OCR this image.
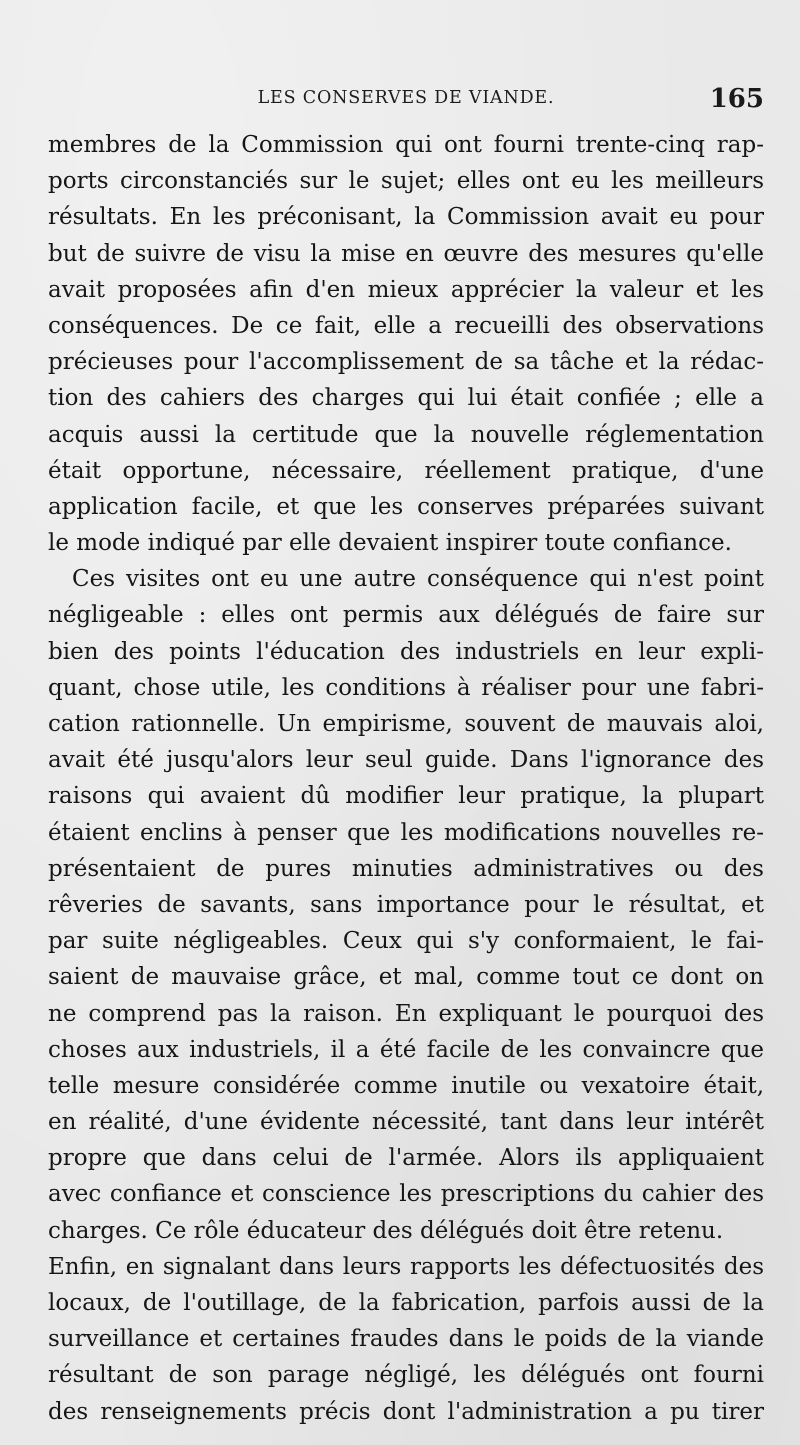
LES CONSERVES DE VIANDE.	165
membres de la Commission qui ont fourni trente-cinq rap-
ports circonstanciés sur le sujet; elles ont eu les meilleurs
résultats. En les préconisant, la Commission avait eu pour
but de suivre de visu la mise en œuvre des mesures qu'elle
avait proposées afin d'en mieux apprécier la valeur et les
conséquences. De ce fait, elle a recueilli des observations
précieuses pour l'accomplissement de sa tâche et la rédac-
tion des cahiers des charges qui lui était confiée ; elle a
acquis aussi la certitude que la nouvelle réglementation
était opportune, nécessaire, réellement pratique, d'une
application facile, et que les conserves préparées suivant
le mode indiqué par elle devaient inspirer toute confiance.
Ces visites ont eu une autre conséquence qui n'est point
négligeable : elles ont permis aux délégués de faire sur
bien des points l'éducation des industriels en leur expli-
quant, chose utile, les conditions à réaliser pour une fabri-
cation rationnelle. Un empirisme, souvent de mauvais aloi,
avait été jusqu'alors leur seul guide. Dans l'ignorance des
raisons qui avaient dû modifier leur pratique, la plupart
étaient enclins à penser que les modifications nouvelles re-
présentaient de pures minuties administratives ou des
rêveries de savants, sans importance pour le résultat, et
par suite négligeables. Ceux qui s'y conformaient, le fai-
saient de mauvaise grâce, et mal, comme tout ce dont on
ne comprend pas la raison. En expliquant le pourquoi des
choses aux industriels, il a été facile de les convaincre que
telle mesure considérée comme inutile ou vexatoire était,
en réalité, d'une évidente nécessité, tant dans leur intérêt
propre que dans celui de l'armée. Alors ils appliquaient
avec confiance et conscience les prescriptions du cahier des
charges. Ce rôle éducateur des délégués doit être retenu.
Enfin, en signalant dans leurs rapports les défectuosités des
locaux, de l'outillage, de la fabrication, parfois aussi de la
surveillance et certaines fraudes dans le poids de la viande
résultant de son parage négligé, les délégués ont fourni
des renseignements précis dont l'administration a pu tirer
